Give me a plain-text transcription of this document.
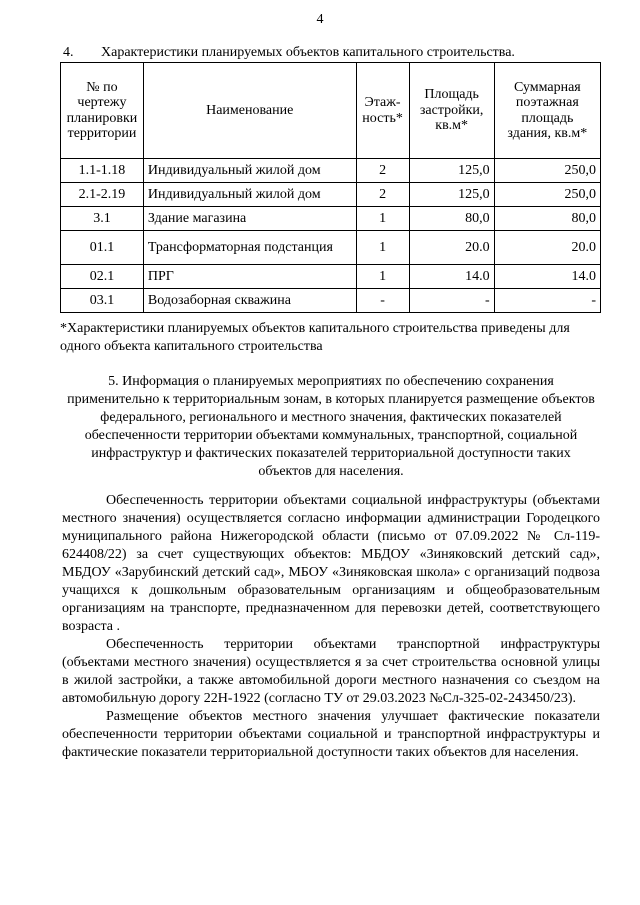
4
4. Характеристики планируемых объектов капитального строительства.
№ по чертежу планировки территории	Наименование	Этаж-ность*	Площадь застройки, кв.м*	Суммарная поэтажная площадь здания, кв.м*
1.1-1.18	Индивидуальный жилой дом	2	125,0	250,0
2.1-2.19	Индивидуальный жилой дом	2	125,0	250,0
3.1	Здание магазина	1	80,0	80,0
01.1	Трансформаторная подстанция	1	20.0	20.0
02.1	ПРГ	1	14.0	14.0
03.1	Водозаборная скважина	-	-	-
*Характеристики планируемых объектов капитального строительства приведены для одного объекта капитального строительства
5. Информация о планируемых мероприятиях по обеспечению сохранения применительно к территориальным зонам, в которых планируется размещение объектов федерального, регионального и местного значения, фактических показателей обеспеченности территории объектами коммунальных, транспортной, социальной инфраструктур и фактических показателей территориальной доступности таких объектов для населения.

Обеспеченность территории объектами социальной инфраструктуры (объектами местного значения) осуществляется согласно информации администрации Городецкого муниципального района Нижегородской области (письмо от 07.09.2022 № Сл-119-624408/22) за счет существующих объектов: МБДОУ «Зиняковский детский сад», МБДОУ «Зарубинский детский сад», МБОУ «Зиняковская школа» с организаций подвоза учащихся к дошкольным образовательным организациям и общеобразовательным организациям на транспорте, предназначенном для перевозки детей, соответствующего возраста .

Обеспеченность территории объектами транспортной инфраструктуры (объектами местного значения) осуществляется я за счет строительства основной улицы в жилой застройки, а также автомобильной дороги местного назначения со съездом на автомобильную дорогу 22Н-1922 (согласно ТУ от 29.03.2023 №Сл-325-02-243450/23).

Размещение объектов местного значения улучшает фактические показатели обеспеченности территории объектами социальной и транспортной инфраструктуры и фактические показатели территориальной доступности таких объектов для населения.
